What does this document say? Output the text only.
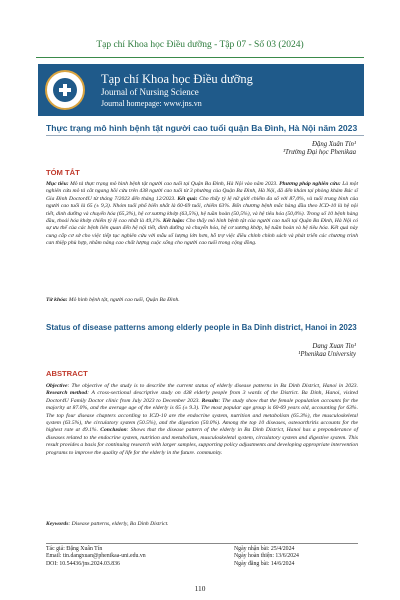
Tạp chí Khoa học Điều dưỡng - Tập 07 - Số 03 (2024)
Tạp chí Khoa học Điều dưỡng
Journal of Nursing Science
Journal homepage: www.jns.vn
Thực trạng mô hình bệnh tật người cao tuổi quận Ba Đình, Hà Nội năm 2023
Đặng Xuân Tín¹
¹Trường Đại học Phenikaa
TÓM TẮT
Mục tiêu: Mô tả thực trạng mô hình bệnh tật người cao tuổi tại Quận Ba Đình, Hà Nội vào năm 2023. Phương pháp nghiên cứu: Là một nghiên cứu mô tả cắt ngang hồi cứu trên 438 người cao tuổi từ 3 phường của Quận Ba Đình, Hà Nội, đã đến khám tại phòng khám Bác sĩ Gia Đình Doctor4U từ tháng 7/2023 đến tháng 12/2023. Kết quả: Cho thấy tỷ lệ nữ giới chiếm đa số với 87,0%, và tuổi trung bình của người cao tuổi là 65 (± 9,3). Nhóm tuổi phổ biến nhất là 60-69 tuổi, chiếm 63%. Bốn chương bệnh mắc hàng đầu theo ICD-10 là hệ nội tiết, dinh dưỡng và chuyển hóa (65,3%), hệ cơ xương khớp (63,5%), hệ tuần hoàn (50,5%), và hệ tiêu hóa (50,0%). Trong số 10 bệnh hàng đầu, thoái hóa khớp chiếm tỷ lệ cao nhất là 49,1%. Kết luận: Cho thấy mô hình bệnh tật của người cao tuổi tại Quận Ba Đình, Hà Nội có sự ưu thế của các bệnh liên quan đến hệ nội tiết, dinh dưỡng và chuyển hóa, hệ cơ xương khớp, hệ tuần hoàn và hệ tiêu hóa. Kết quả này cung cấp cơ sở cho việc tiếp tục nghiên cứu với mẫu số lượng lớn hơn, hỗ trợ việc điều chỉnh chính sách và phát triển các chương trình can thiệp phù hợp, nhằm nâng cao chất lượng cuộc sống cho người cao tuổi trong cộng đồng.
Từ khóa: Mô hình bệnh tật, người cao tuổi, Quận Ba Đình.
Status of disease patterns among elderly people in Ba Dinh district, Hanoi in 2023
Dang Xuan Tin¹
¹Phenikaa University
ABSTRACT
Objective: The objective of the study is to describe the current status of elderly disease patterns in Ba Dinh District, Hanoi in 2023. Research method: A cross-sectional descriptive study on 438 elderly people from 3 wards of the District. Ba Dinh, Hanoi, visited Doctor4U Family Doctor clinic from July 2023 to December 2023. Results: The study show that the female population accounts for the majority at 87.0%, and the average age of the elderly is 65 (± 9.3). The most popular age group is 60-69 years old, accounting for 63%. The top four disease chapters according to ICD-10 are the endocrine system, nutrition and metabolism (65.3%), the musculoskeletal system (63.5%), the circulatory system (50.5%), and the digestion (50.0%). Among the top 10 diseases, osteoarthritis accounts for the highest rate at 49.1%. Conclusion: Shows that the disease pattern of the elderly in Ba Dinh District, Hanoi has a preponderance of diseases related to the endocrine system, nutrition and metabolism, musculoskeletal system, circulatory system and digestive system. This result provides a basis for continuing research with larger samples, supporting policy adjustments and developing appropriate intervention programs to improve the quality of life for the elderly in the future. community.
Keywords: Disease patterns, elderly, Ba Dinh District.
Tác giả: Đặng Xuân Tín
Email: tin.dangxuan@phenikaa-uni.edu.vn
DOI: 10.54436/jns.2024.03.836
Ngày nhận bài: 25/4/2024
Ngày hoàn thiện: 13/6/2024
Ngày đăng bài: 14/6/2024
110
